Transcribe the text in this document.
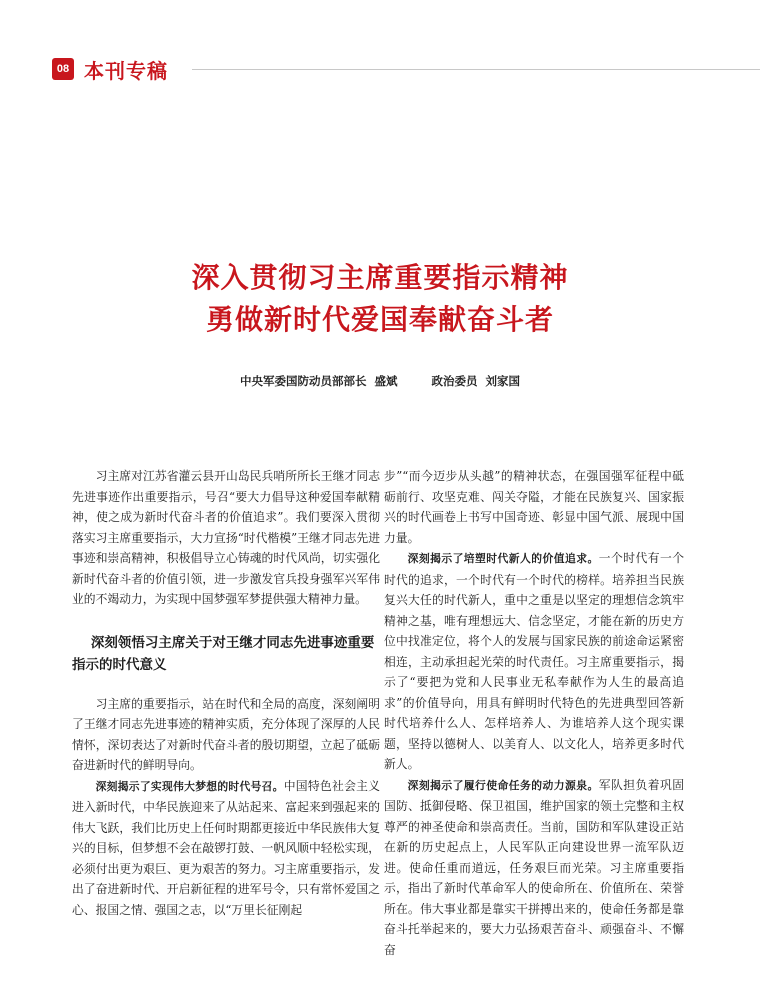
08 本刊专稿
深入贯彻习主席重要指示精神
勇做新时代爱国奉献奋斗者
中央军委国防动员部部长 盛斌	政治委员 刘家国

习主席对江苏省灌云县开山岛民兵哨所所长王继才同志先进事迹作出重要指示，号召“要大力倡导这种爱国奉献精神，使之成为新时代奋斗者的价值追求”。我们要深入贯彻落实习主席重要指示，大力宣扬“时代楷模”王继才同志先进事迹和崇高精神，积极倡导立心铸魂的时代风尚，切实强化新时代奋斗者的价值引领，进一步激发官兵投身强军兴军伟业的不竭动力，为实现中国梦强军梦提供强大精神力量。

深刻领悟习主席关于对王继才同志先进事迹重要指示的时代意义

习主席的重要指示，站在时代和全局的高度，深刻阐明了王继才同志先进事迹的精神实质，充分体现了深厚的人民情怀，深切表达了对新时代奋斗者的殷切期望，立起了砥砺奋进新时代的鲜明导向。

深刻揭示了实现伟大梦想的时代号召。中国特色社会主义进入新时代，中华民族迎来了从站起来、富起来到强起来的伟大飞跃，我们比历史上任何时期都更接近中华民族伟大复兴的目标，但梦想不会在敲锣打鼓、一帆风顺中轻松实现，必须付出更为艰巨、更为艰苦的努力。习主席重要指示，发出了奋进新时代、开启新征程的进军号令，只有常怀爱国之心、报国之情、强国之志，以“万里长征刚起

步”“而今迈步从头越”的精神状态，在强国强军征程中砥砺前行、攻坚克难、闯关夺隘，才能在民族复兴、国家振兴的时代画卷上书写中国奇迹、彰显中国气派、展现中国力量。

深刻揭示了培塑时代新人的价值追求。一个时代有一个时代的追求，一个时代有一个时代的榜样。培养担当民族复兴大任的时代新人，重中之重是以坚定的理想信念筑牢精神之基，唯有理想远大、信念坚定，才能在新的历史方位中找准定位，将个人的发展与国家民族的前途命运紧密相连，主动承担起光荣的时代责任。习主席重要指示，揭示了“要把为党和人民事业无私奉献作为人生的最高追求”的价值导向，用具有鲜明时代特色的先进典型回答新时代培养什么人、怎样培养人、为谁培养人这个现实课题，坚持以德树人、以美育人、以文化人，培养更多时代新人。

深刻揭示了履行使命任务的动力源泉。军队担负着巩固国防、抵御侵略、保卫祖国，维护国家的领土完整和主权尊严的神圣使命和崇高责任。当前，国防和军队建设正站在新的历史起点上，人民军队正向建设世界一流军队迈进。使命任重而道远，任务艰巨而光荣。习主席重要指示，指出了新时代革命军人的使命所在、价值所在、荣誉所在。伟大事业都是靠实干拼搏出来的，使命任务都是靠奋斗托举起来的，要大力弘扬艰苦奋斗、顽强奋斗、不懈奋
